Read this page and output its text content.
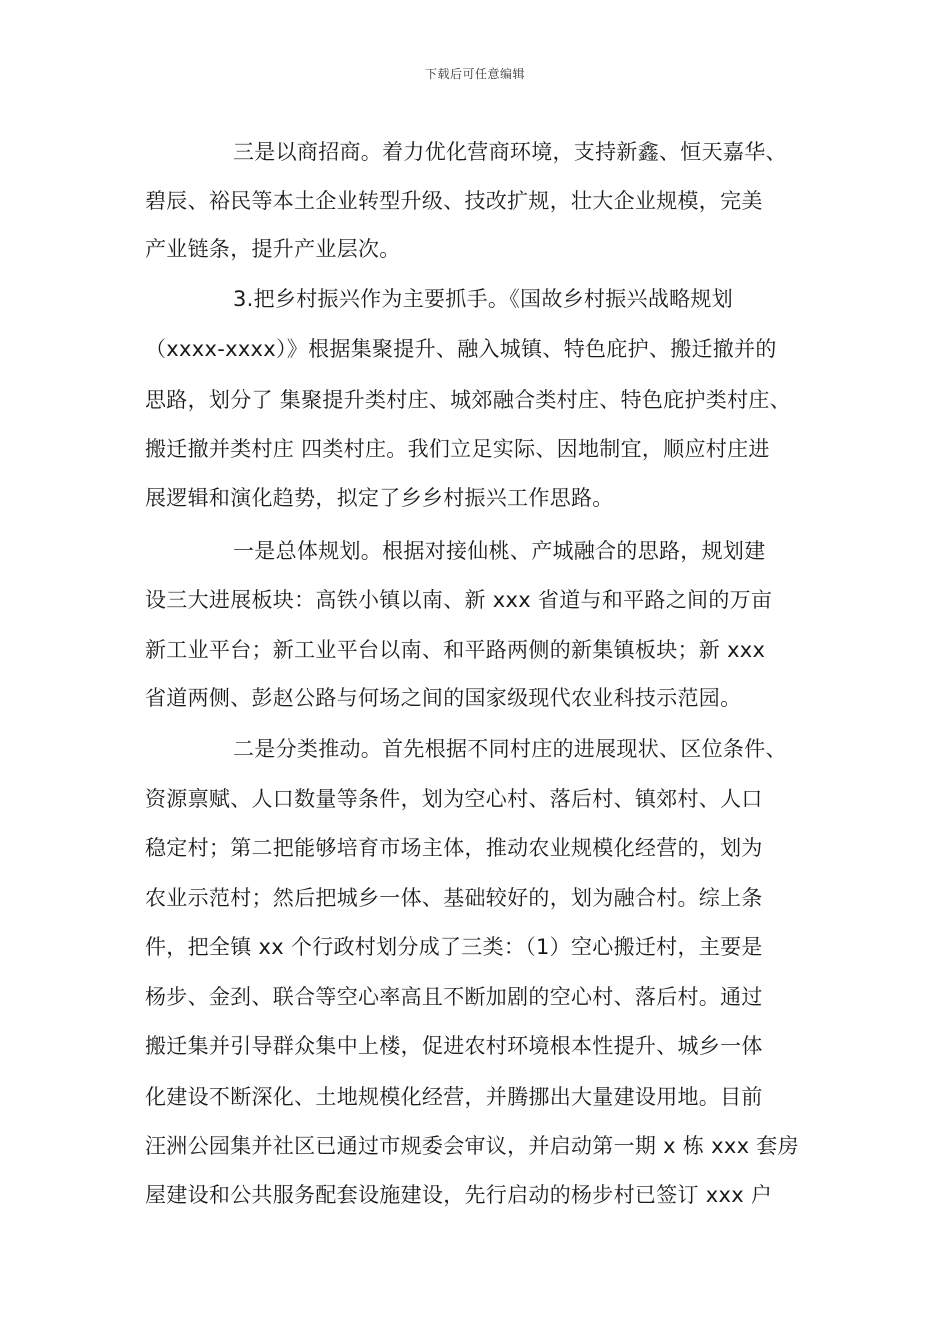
下载后可任意编辑
三是以商招商。着力优化营商环境，支持新鑫、恒天嘉华、
碧辰、裕民等本土企业转型升级、技改扩规，壮大企业规模，完美
产业链条，提升产业层次。
3.把乡村振兴作为主要抓手。《国故乡村振兴战略规划
（xxxx-xxxx）》根据集聚提升、融入城镇、特色庇护、搬迁撤并的
思路，划分了 集聚提升类村庄、城郊融合类村庄、特色庇护类村庄、
搬迁撤并类村庄 四类村庄。我们立足实际、因地制宜，顺应村庄进
展逻辑和演化趋势，拟定了乡乡村振兴工作思路。
一是总体规划。根据对接仙桃、产城融合的思路，规划建
设三大进展板块：高铁小镇以南、新 xxx 省道与和平路之间的万亩
新工业平台；新工业平台以南、和平路两侧的新集镇板块；新 xxx
省道两侧、彭赵公路与何场之间的国家级现代农业科技示范园。
二是分类推动。首先根据不同村庄的进展现状、区位条件、
资源禀赋、人口数量等条件，划为空心村、落后村、镇郊村、人口
稳定村；第二把能够培育市场主体，推动农业规模化经营的，划为
农业示范村；然后把城乡一体、基础较好的，划为融合村。综上条
件，把全镇 xx 个行政村划分成了三类：（1）空心搬迁村，主要是
杨步、金刭、联合等空心率高且不断加剧的空心村、落后村。通过
搬迁集并引导群众集中上楼，促进农村环境根本性提升、城乡一体
化建设不断深化、土地规模化经营，并腾挪出大量建设用地。目前
汪洲公园集并社区已通过市规委会审议，并启动第一期 x 栋 xxx 套房
屋建设和公共服务配套设施建设，先行启动的杨步村已签订 xxx 户
